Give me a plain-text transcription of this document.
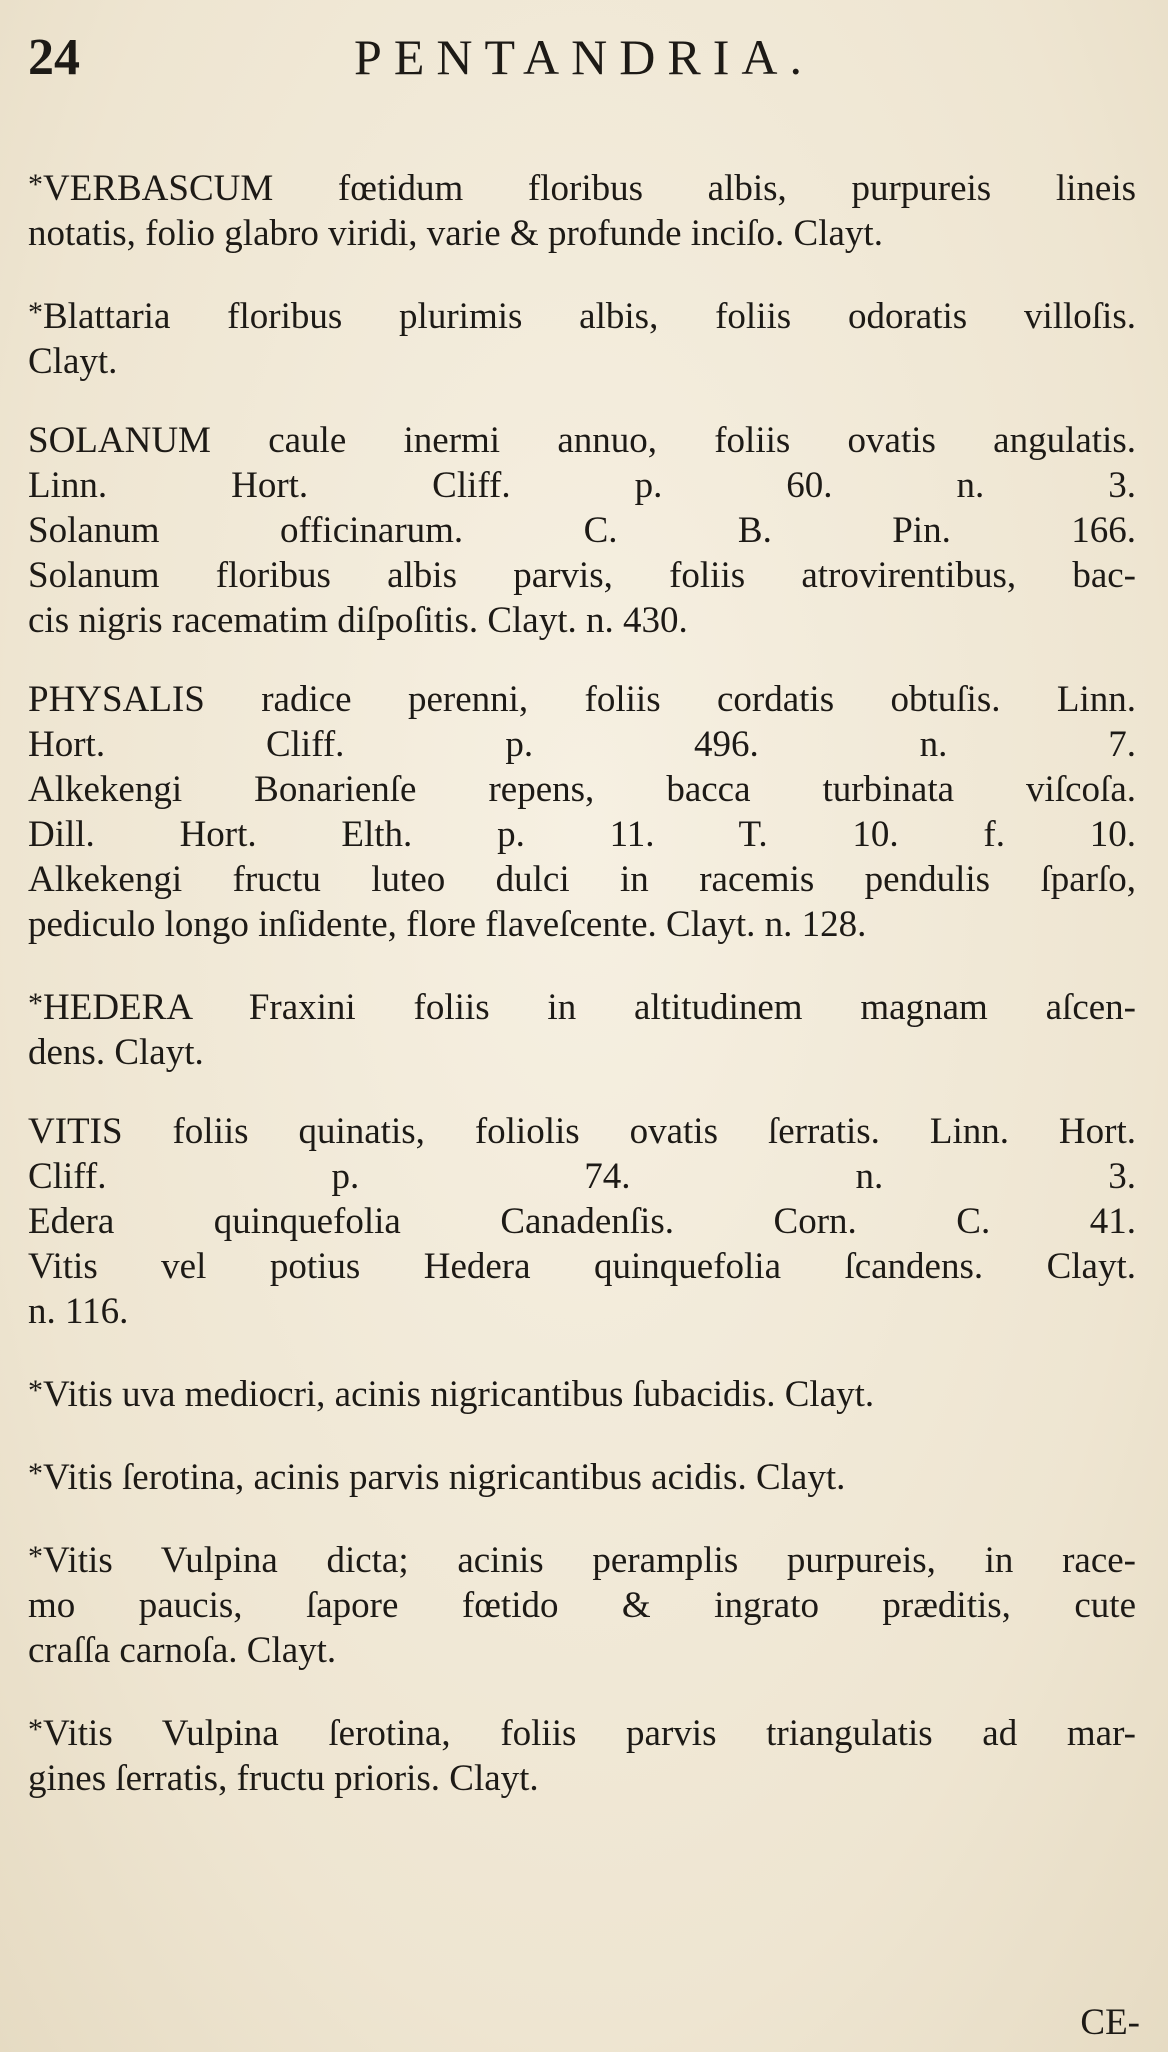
24	PENTANDRIA.
*VERBASCUM fœtidum floribus albis, purpureis lineis
notatis, folio glabro viridi, varie & profunde inciſo. Clayt.
*Blattaria floribus plurimis albis, foliis odoratis villoſis.
Clayt.
SOLANUM caule inermi annuo, foliis ovatis angulatis.
Linn. Hort. Cliff. p. 60. n. 3.
Solanum officinarum. C. B. Pin. 166.
Solanum floribus albis parvis, foliis atrovirentibus, bac-
cis nigris racematim diſpoſitis. Clayt. n. 430.
PHYSALIS radice perenni, foliis cordatis obtuſis. Linn.
Hort. Cliff. p. 496. n. 7.
Alkekengi Bonarienſe repens, bacca turbinata viſcoſa.
Dill. Hort. Elth. p. 11. T. 10. f. 10.
Alkekengi fructu luteo dulci in racemis pendulis ſparſo,
pediculo longo inſidente, flore flaveſcente. Clayt. n. 128.
*HEDERA Fraxini foliis in altitudinem magnam aſcen-
dens. Clayt.
VITIS foliis quinatis, foliolis ovatis ſerratis. Linn. Hort.
Cliff. p. 74. n. 3.
Edera quinquefolia Canadenſis. Corn. C. 41.
Vitis vel potius Hedera quinquefolia ſcandens. Clayt.
n. 116.
*Vitis uva mediocri, acinis nigricantibus ſubacidis. Clayt.
*Vitis ſerotina, acinis parvis nigricantibus acidis. Clayt.
*Vitis Vulpina dicta; acinis peramplis purpureis, in race-
mo paucis, ſapore fœtido & ingrato præditis, cute
craſſa carnoſa. Clayt.
*Vitis Vulpina ſerotina, foliis parvis triangulatis ad mar-
gines ſerratis, fructu prioris. Clayt.
CE-
